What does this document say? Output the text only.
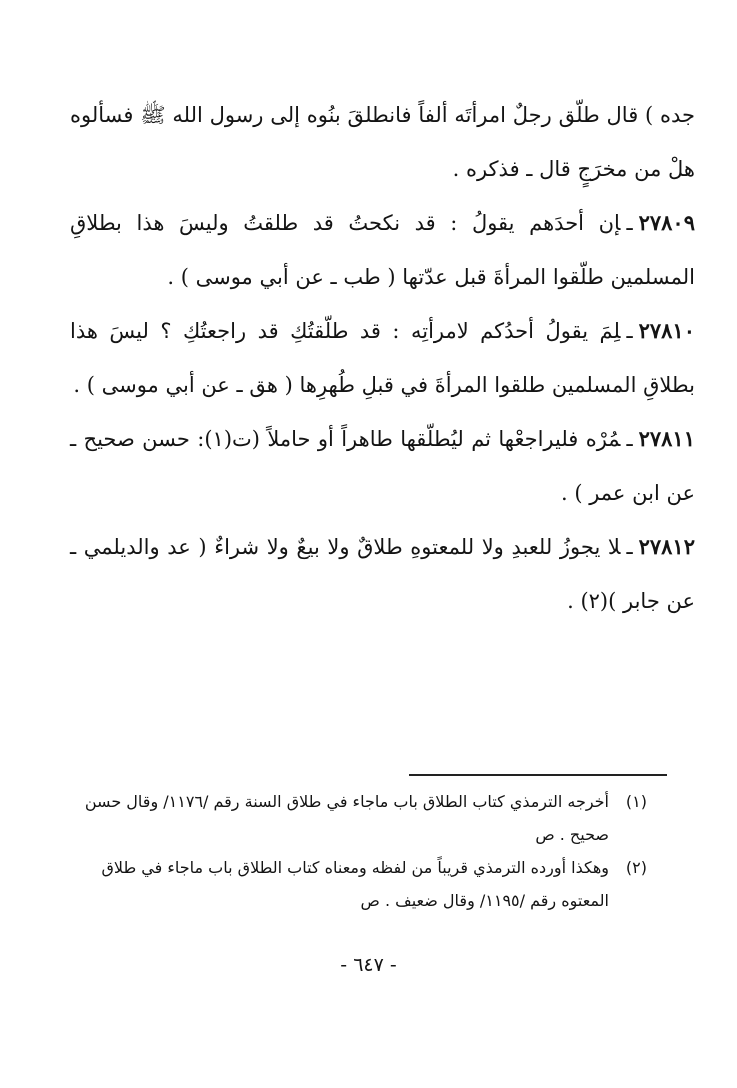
جده ) قال طلّق رجلٌ امرأتَه ألفاً فانطلقَ بنُوه إلى رسول الله ﷺ فسألوه هلْ من مخرَجٍ قال ـ فذكره .

٢٧٨٠٩ـإن أحدَهم يقولُ : قد نكحتُ قد طلقتُ وليسَ هذا بطلاقِ المسلمين طلّقوا المرأةَ قبل عدّتها ( طب ـ عن أبي موسى ) .

٢٧٨١٠ـلِمَ يقولُ أحدُكم لامرأتِه : قد طلّقتُكِ قد راجعتُكِ ؟ ليسَ هذا بطلاقِ المسلمين طلقوا المرأةَ في قبلِ طُهرِها ( هق ـ عن أبي موسى ) .

٢٧٨١١ـمُرْه فليراجعْها ثم ليُطلّقها طاهراً أو حاملاً (ت(١): حسن صحيح ـ عن ابن عمر ) .

٢٧٨١٢ـلا يجوزُ للعبدِ ولا للمعتوهِ طلاقٌ ولا بيعٌ ولا شراءٌ ( عد والديلمي ـ عن جابر )(٢) .

(١)
أخرجه الترمذي كتاب الطلاق باب ماجاء في طلاق السنة رقم /١١٧٦/ وقال حسن صحيح . ص
(٢)
وهكذا أورده الترمذي قريباً من لفظه ومعناه كتاب الطلاق باب ماجاء في طلاق المعتوه رقم /١١٩٥/ وقال ضعيف . ص
- ٦٤٧ -
